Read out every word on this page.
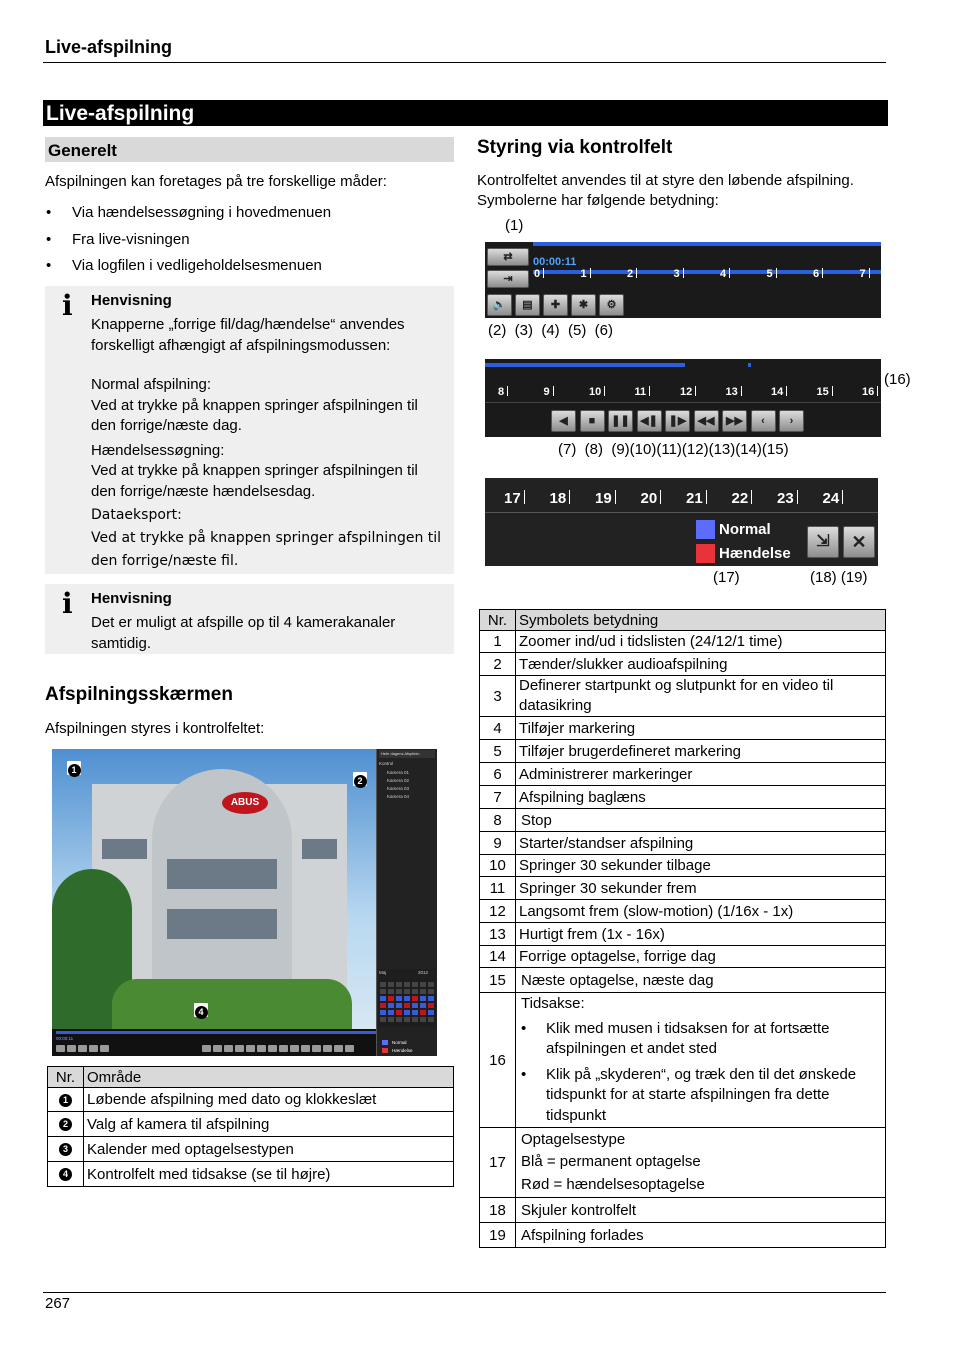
Live-afspilning
Live-afspilning
Generelt
Afspilningen kan foretages på tre forskellige måder:
• Via hændelsessøgning i hovedmenuen
• Fra live-visningen
• Via logfilen i vedligeholdelsesmenuen
i Henvisning
Knapperne „forrige fil/dag/hændelse“ anvendes
forskelligt afhængigt af afspilningsmodussen:
Normal afspilning:
Ved at trykke på knappen springer afspilningen til
den forrige/næste dag.
Hændelsessøgning:
Ved at trykke på knappen springer afspilningen til
den forrige/næste hændelsesdag.
Dataeksport:
Ved at trykke på knappen springer afspilningen til
den forrige/næste fil.
i Henvisning
Det er muligt at afspille op til 4 kamerakanaler
samtidig.
Afspilningsskærmen
Afspilningen styres i kontrolfeltet:
ABUS
Hele dagens Afspilnin
Kontrol
Kamera 01
Kamera 02
Kamera 03
Kamera 04
Maj	2012
00:00:11
Normal
Hændelse
1
2
4
Nr.	Område
1	Løbende afspilning med dato og klokkeslæt
2	Valg af kamera til afspilning
3	Kalender med optagelsestypen
4	Kontrolfelt med tidsakse (se til højre)
Styring via kontrolfelt
Kontrolfeltet anvendes til at styre den løbende afspilning.
Symbolerne har følgende betydning:
(1)
⇄
⇥
00:00:11
0	1	2	3	4	5	6	7
🔈	▤	✚	✱	⚙
(2)  (3)  (4)  (5)  (6)
8	9	10	11	12	13	14	15	16
◀	■	❚❚ ◀❚ ❚▶	◀◀	▶▶	‹	›
(16)
(7)  (8)  (9)(10)(11)(12)(13)(14)(15)
17 18 19 20 21 22 23 24
Normal
Hændelse
⇲	✕
(17)	(18) (19)
Nr.	Symbolets betydning
1	Zoomer ind/ud i tidslisten (24/12/1 time)
2	Tænder/slukker audioafspilning
3	Definerer startpunkt og slutpunkt for en video til datasikring
4	Tilføjer markering
5	Tilføjer brugerdefineret markering
6	Administrerer markeringer
7	Afspilning baglæns
8	Stop
9	Starter/standser afspilning
10	Springer 30 sekunder tilbage
11	Springer 30 sekunder frem
12	Langsomt frem (slow-motion) (1/16x - 1x)
13	Hurtigt frem (1x - 16x)
14	Forrige optagelse, forrige dag
15	Næste optagelse, næste dag
16	Tidsakse:
• Klik med musen i tidsaksen for at fortsætte afspilningen et andet sted
• Klik på „skyderen“, og træk den til det ønskede tidspunkt for at starte afspilningen fra dette tidspunkt

17	Optagelsestype
Blå = permanent optagelse
Rød = hændelsesoptagelse

18	Skjuler kontrolfelt
19	Afspilning forlades
267
